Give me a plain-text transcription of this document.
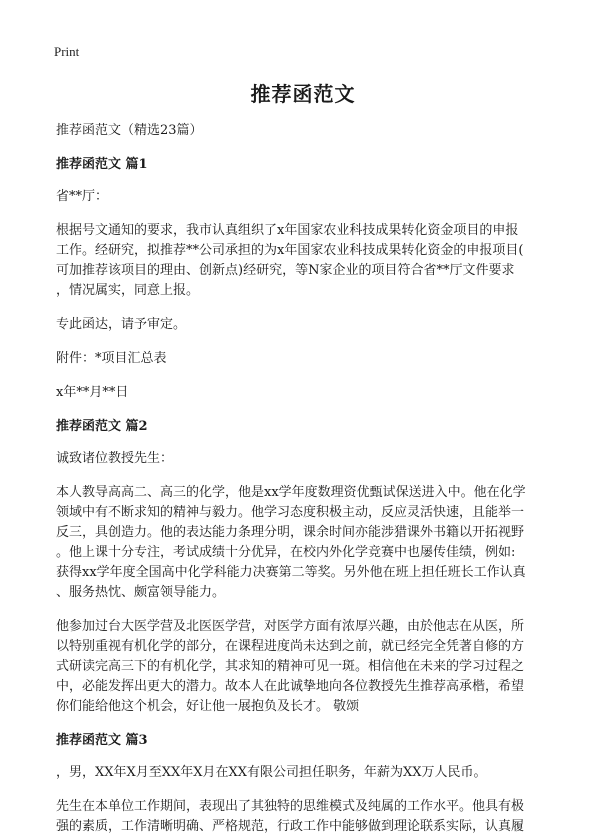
Print
推荐函范文
推荐函范文（精选23篇）
推荐函范文 篇1
省**厅：
根据号文通知的要求，我市认真组织了x年国家农业科技成果转化资金项目的申报
工作。经研究，拟推荐**公司承担的为x年国家农业科技成果转化资金的申报项目(
可加推荐该项目的理由、创新点)经研究，等N家企业的项目符合省**厅文件要求
，情况属实，同意上报。
专此函达，请予审定。
附件：*项目汇总表
x年**月**日
推荐函范文 篇2
诚致诸位教授先生：
本人教导高高二、高三的化学，他是xx学年度数理资优甄试保送进入中。他在化学
领域中有不断求知的精神与毅力。他学习态度积极主动，反应灵活快速，且能举一
反三，具创造力。他的表达能力条理分明，课余时间亦能涉猎课外书籍以开拓视野
。他上课十分专注，考试成绩十分优异，在校内外化学竞赛中也屡传佳绩，例如:
获得xx学年度全国高中化学科能力决赛第二等奖。另外他在班上担任班长工作认真
、服务热忱、颇富领导能力。
他参加过台大医学营及北医医学营，对医学方面有浓厚兴趣，由於他志在从医，所
以特别重视有机化学的部分，在课程进度尚未达到之前，就已经完全凭著自修的方
式研读完高三下的有机化学，其求知的精神可见一斑。相信他在未来的学习过程之
中，必能发挥出更大的潜力。故本人在此诚挚地向各位教授先生推荐高承楷，希望
你们能给他这个机会，好让他一展抱负及长才。 敬颂
推荐函范文 篇3
，男，XX年X月至XX年X月在XX有限公司担任职务，年薪为XX万人民币。
先生在本单位工作期间，表现出了其独特的思维模式及纯属的工作水平。他具有极
强的素质，工作清晰明确、严格规范，行政工作中能够做到理论联系实际，认真履
